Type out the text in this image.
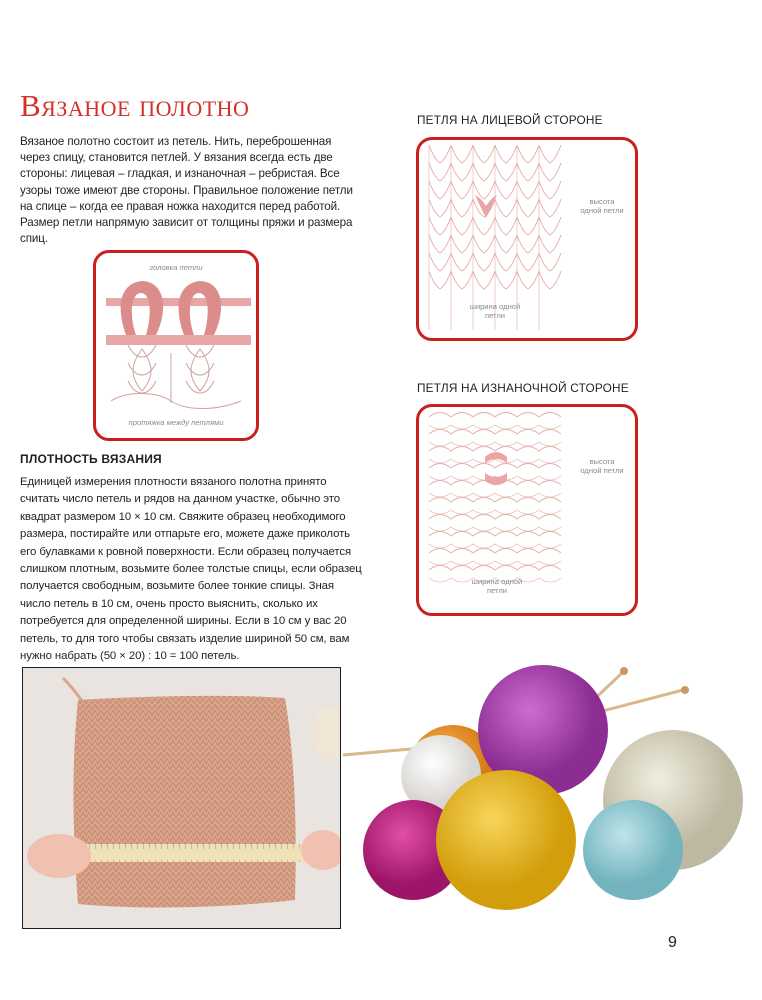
Вязаное полотно

Вязаное полотно состоит из петель. Нить, переброшенная через спицу, становится петлей. У вязания всегда есть две стороны: лицевая – гладкая, и изнаночная – ребристая. Все узоры тоже имеют две стороны. Правильное положение петли на спице – когда ее правая ножка находится перед работой. Размер петли напрямую зависит от толщины пряжи и размера спиц.

головка петли
протяжка между петлями
ПЛОТНОСТЬ ВЯЗАНИЯ

Единицей измерения плотности вязаного полотна принято считать число петель и рядов на данном участке, обычно это квадрат размером 10 × 10 см. Свяжите образец необходимого размера, постирайте или отпарьте его, можете даже приколоть его булавками к ровной поверхности. Если образец получается слишком плотным, возьмите более толстые спицы, если образец получается свободным, возьмите более тонкие спицы. Зная число петель в 10 см, очень просто выяснить, сколько их потребуется для определенной ширины. Если в 10 см у вас 20 петель, то для того чтобы связать изделие шириной 50 см, вам нужно набрать (50 × 20) : 10 = 100 петель.

ПЕТЛЯ НА ЛИЦЕВОЙ СТОРОНЕ
высота одной петли
ширина одной петли
ПЕТЛЯ НА ИЗНАНОЧНОЙ СТОРОНЕ
высота одной петли
ширина одной петли
9
